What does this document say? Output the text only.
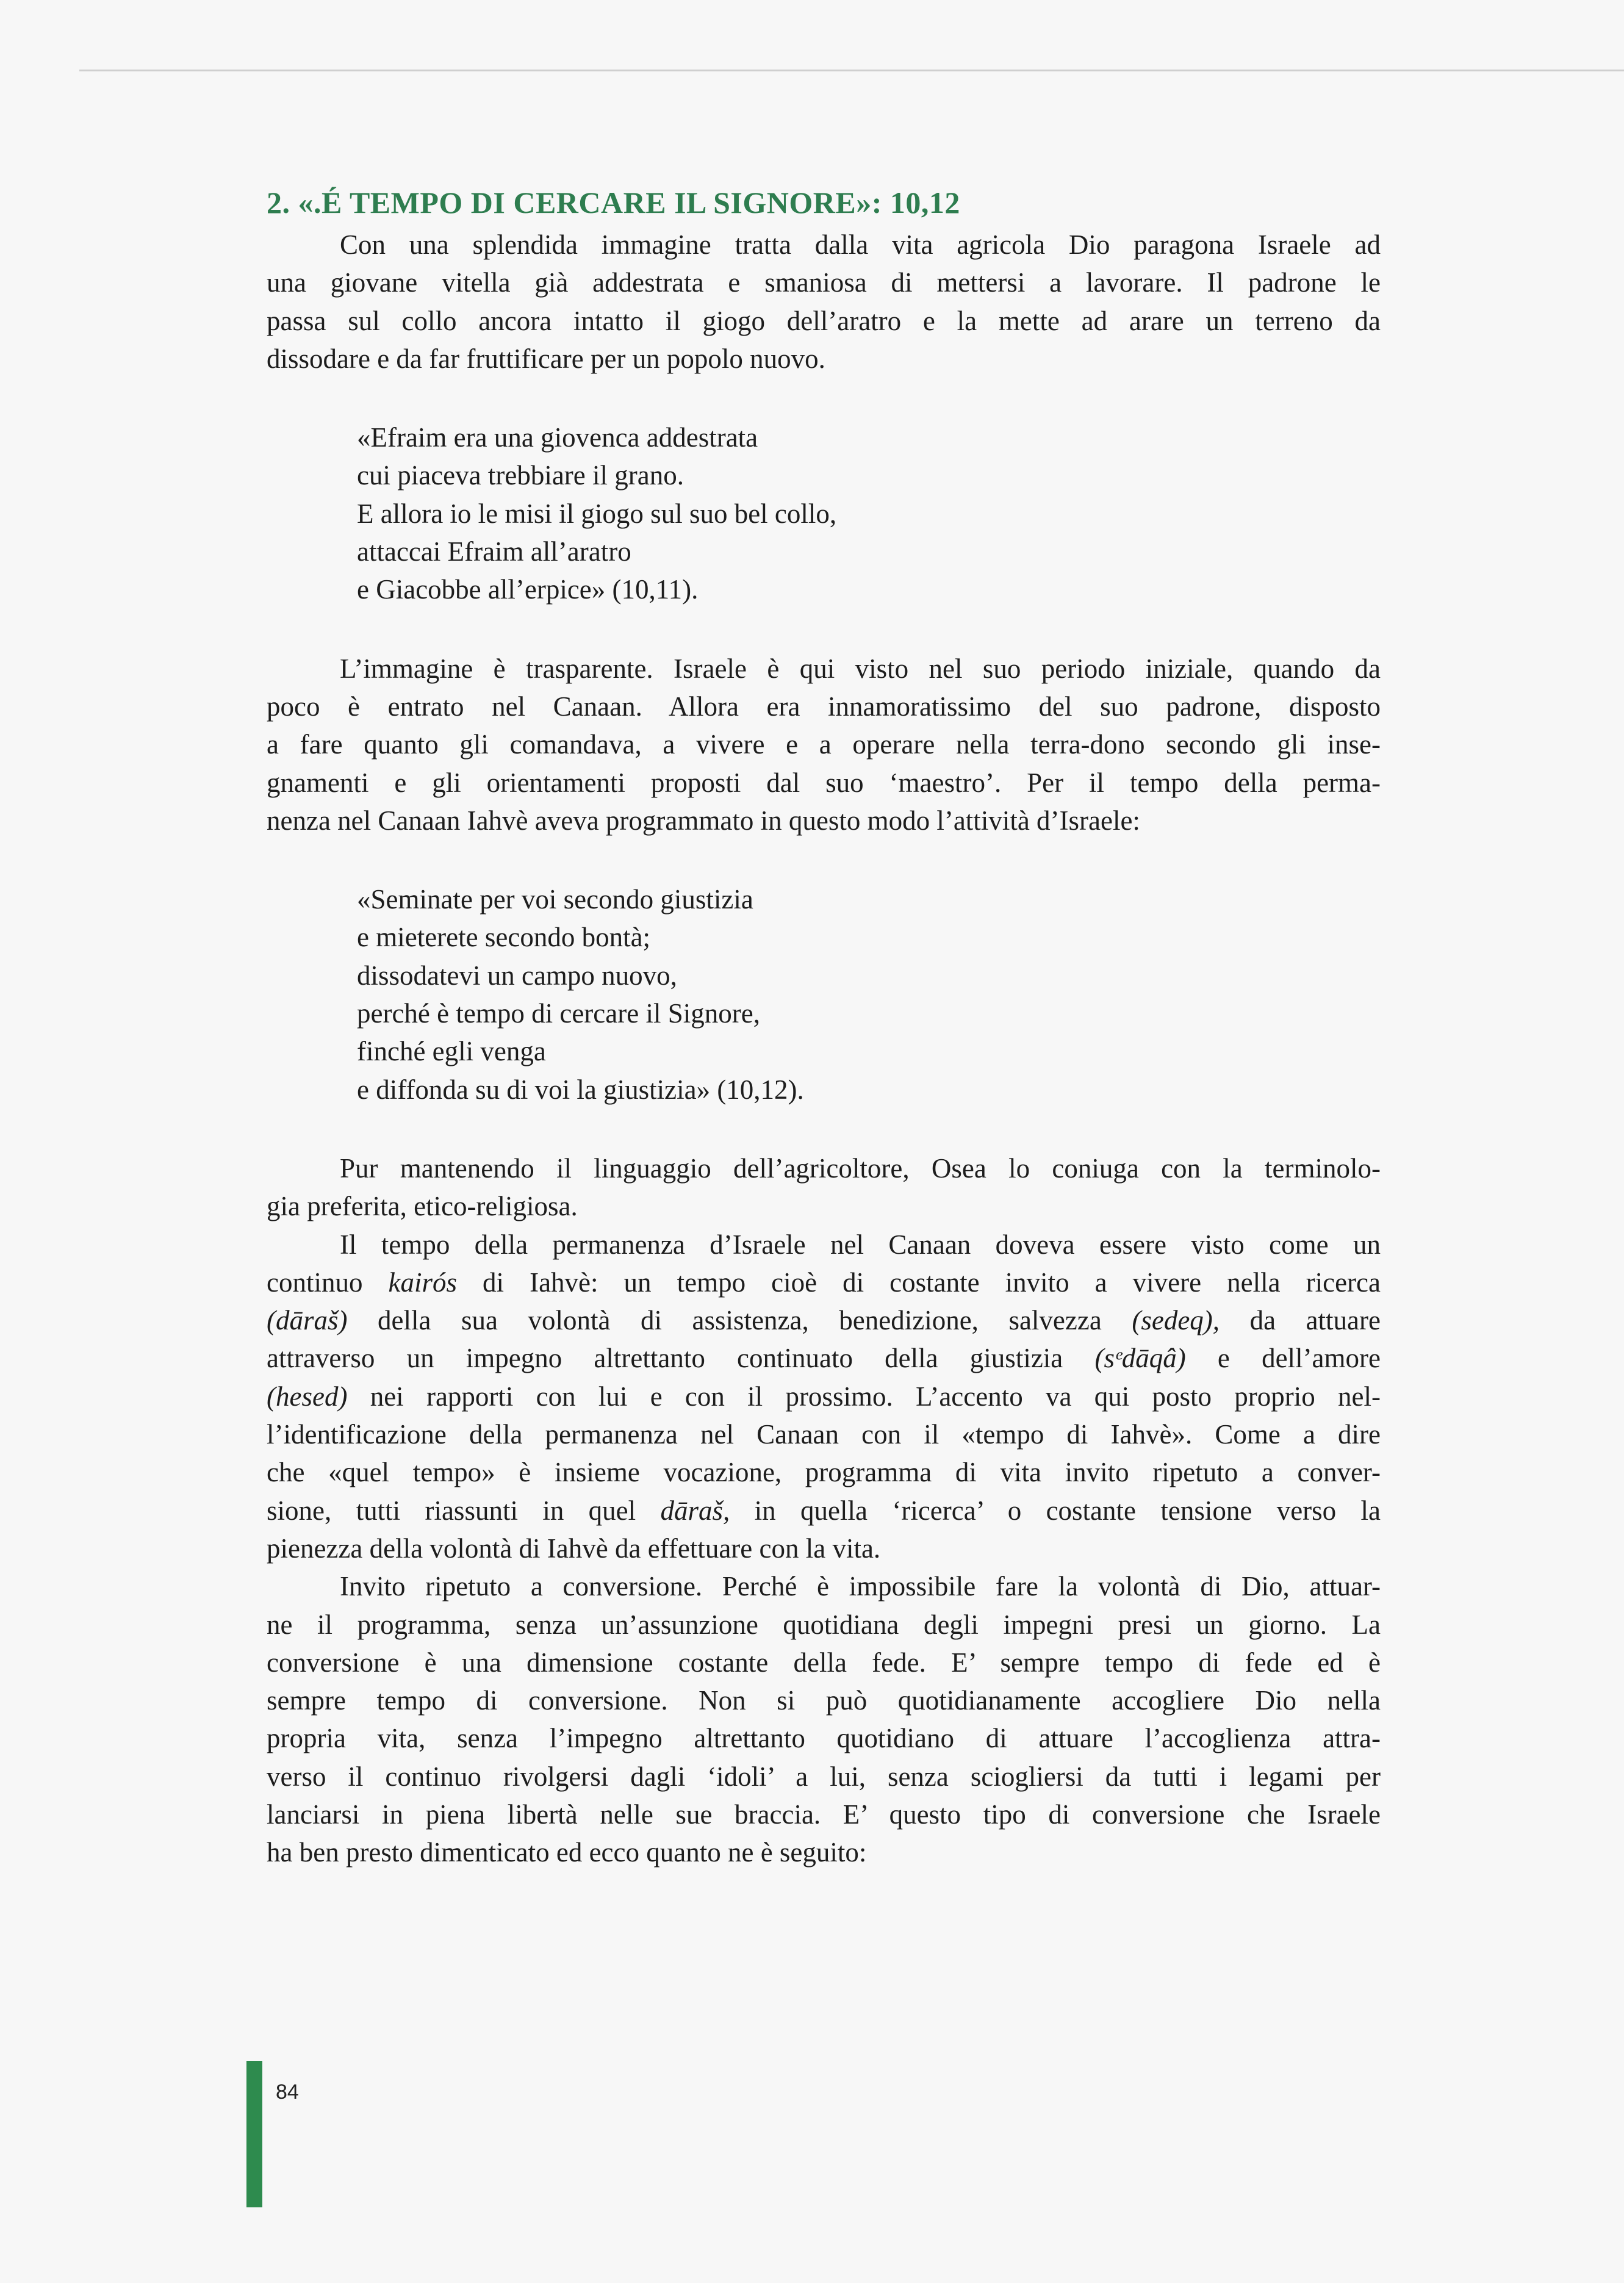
2. «.É TEMPO DI CERCARE IL SIGNORE»: 10,12
Con una splendida immagine tratta dalla vita agricola Dio paragona Israele ad
una giovane vitella già addestrata e smaniosa di mettersi a lavorare. Il padrone le
passa sul collo ancora intatto il giogo dell’aratro e la mette ad arare un terreno da
dissodare e da far fruttificare per un popolo nuovo.
«Efraim era una giovenca addestrata
cui piaceva trebbiare il grano.
E allora io le misi il giogo sul suo bel collo,
attaccai Efraim all’aratro
e Giacobbe all’erpice» (10,11).
L’immagine è trasparente. Israele è qui visto nel suo periodo iniziale, quando da
poco è entrato nel Canaan. Allora era innamoratissimo del suo padrone, disposto
a fare quanto gli comandava, a vivere e a operare nella terra-dono secondo gli inse-
gnamenti e gli orientamenti proposti dal suo ‘maestro’. Per il tempo della perma-
nenza nel Canaan Iahvè aveva programmato in questo modo l’attività d’Israele:
«Seminate per voi secondo giustizia
e mieterete secondo bontà;
dissodatevi un campo nuovo,
perché è tempo di cercare il Signore,
finché egli venga
e diffonda su di voi la giustizia» (10,12).
Pur mantenendo il linguaggio dell’agricoltore, Osea lo coniuga con la terminolo-
gia preferita, etico-religiosa.
Il tempo della permanenza d’Israele nel Canaan doveva essere visto come un
continuo kairós di Iahvè: un tempo cioè di costante invito a vivere nella ricerca
(dāraš) della sua volontà di assistenza, benedizione, salvezza (sedeq), da attuare
attraverso un impegno altrettanto continuato della giustizia (sᵉdāqâ) e dell’amore
(hesed) nei rapporti con lui e con il prossimo. L’accento va qui posto proprio nel-
l’identificazione della permanenza nel Canaan con il «tempo di Iahvè». Come a dire
che «quel tempo» è insieme vocazione, programma di vita invito ripetuto a conver-
sione, tutti riassunti in quel dāraš, in quella ‘ricerca’ o costante tensione verso la
pienezza della volontà di Iahvè da effettuare con la vita.
Invito ripetuto a conversione. Perché è impossibile fare la volontà di Dio, attuar-
ne il programma, senza un’assunzione quotidiana degli impegni presi un giorno. La
conversione è una dimensione costante della fede. E’ sempre tempo di fede ed è
sempre tempo di conversione. Non si può quotidianamente accogliere Dio nella
propria vita, senza l’impegno altrettanto quotidiano di attuare l’accoglienza attra-
verso il continuo rivolgersi dagli ‘idoli’ a lui, senza sciogliersi da tutti i legami per
lanciarsi in piena libertà nelle sue braccia. E’ questo tipo di conversione che Israele
ha ben presto dimenticato ed ecco quanto ne è seguito:
84
